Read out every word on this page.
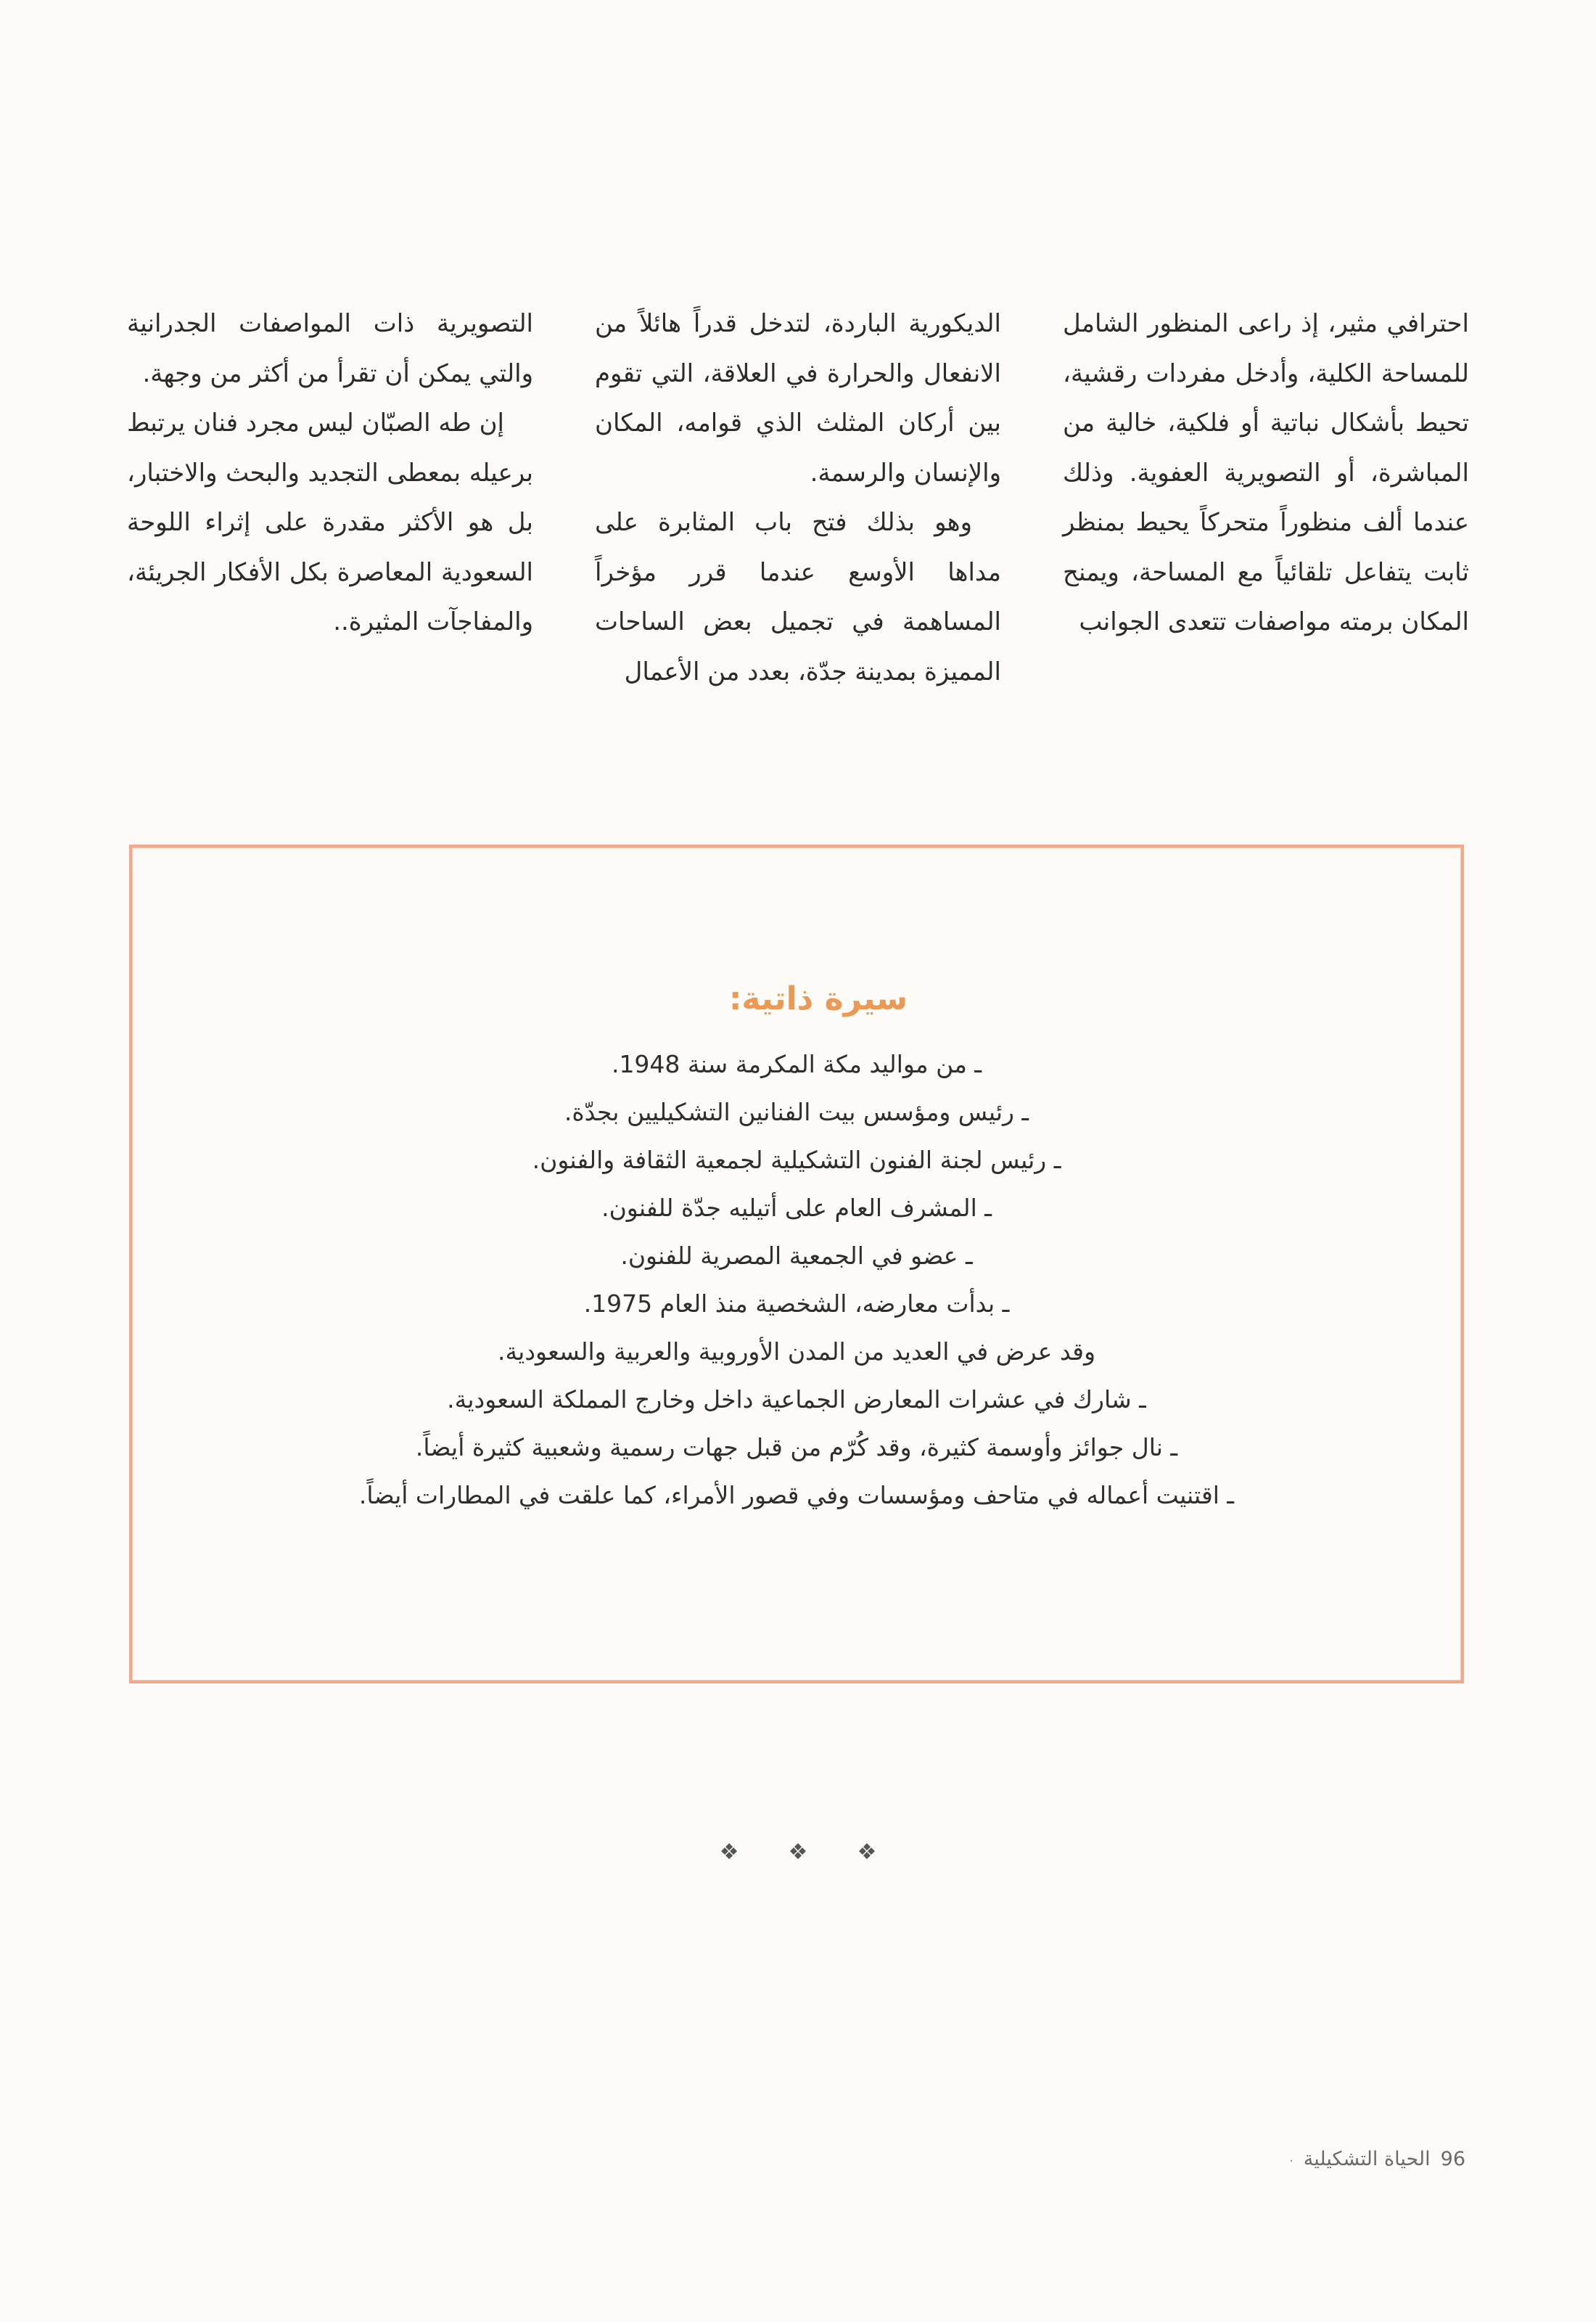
احترافي مثير، إذ راعى المنظور الشامل للمساحة الكلية، وأدخل مفردات رقشية، تحيط بأشكال نباتية أو فلكية، خالية من المباشرة، أو التصويرية العفوية. وذلك عندما ألف منظوراً متحركاً يحيط بمنظر ثابت يتفاعل تلقائياً مع المساحة، ويمنح المكان برمته مواصفات تتعدى الجوانب

الديكورية الباردة، لتدخل قدراً هائلاً من الانفعال والحرارة في العلاقة، التي تقوم بين أركان المثلث الذي قوامه، المكان والإنسان والرسمة.

وهو بذلك فتح باب المثابرة على مداها الأوسع عندما قرر مؤخراً المساهمة في تجميل بعض الساحات المميزة بمدينة جدّة، بعدد من الأعمال

التصويرية ذات المواصفات الجدرانية والتي يمكن أن تقرأ من أكثر من وجهة.

إن طه الصبّان ليس مجرد فنان يرتبط برعيله بمعطى التجديد والبحث والاختبار، بل هو الأكثر مقدرة على إثراء اللوحة السعودية المعاصرة بكل الأفكار الجريئة، والمفاجآت المثيرة..

سيرة ذاتية:
ـ من مواليد مكة المكرمة سنة 1948.
ـ رئيس ومؤسس بيت الفنانين التشكيليين بجدّة.
ـ رئيس لجنة الفنون التشكيلية لجمعية الثقافة والفنون.
ـ المشرف العام على أتيليه جدّة للفنون.
ـ عضو في الجمعية المصرية للفنون.
ـ بدأت معارضه، الشخصية منذ العام 1975.
وقد عرض في العديد من المدن الأوروبية والعربية والسعودية.
ـ شارك في عشرات المعارض الجماعية داخل وخارج المملكة السعودية.
ـ نال جوائز وأوسمة كثيرة، وقد كُرّم من قبل جهات رسمية وشعبية كثيرة أيضاً.
ـ اقتنيت أعماله في متاحف ومؤسسات وفي قصور الأمراء، كما علقت في المطارات أيضاً.
❖
❖
❖
96
الحياة التشكيلية
·
